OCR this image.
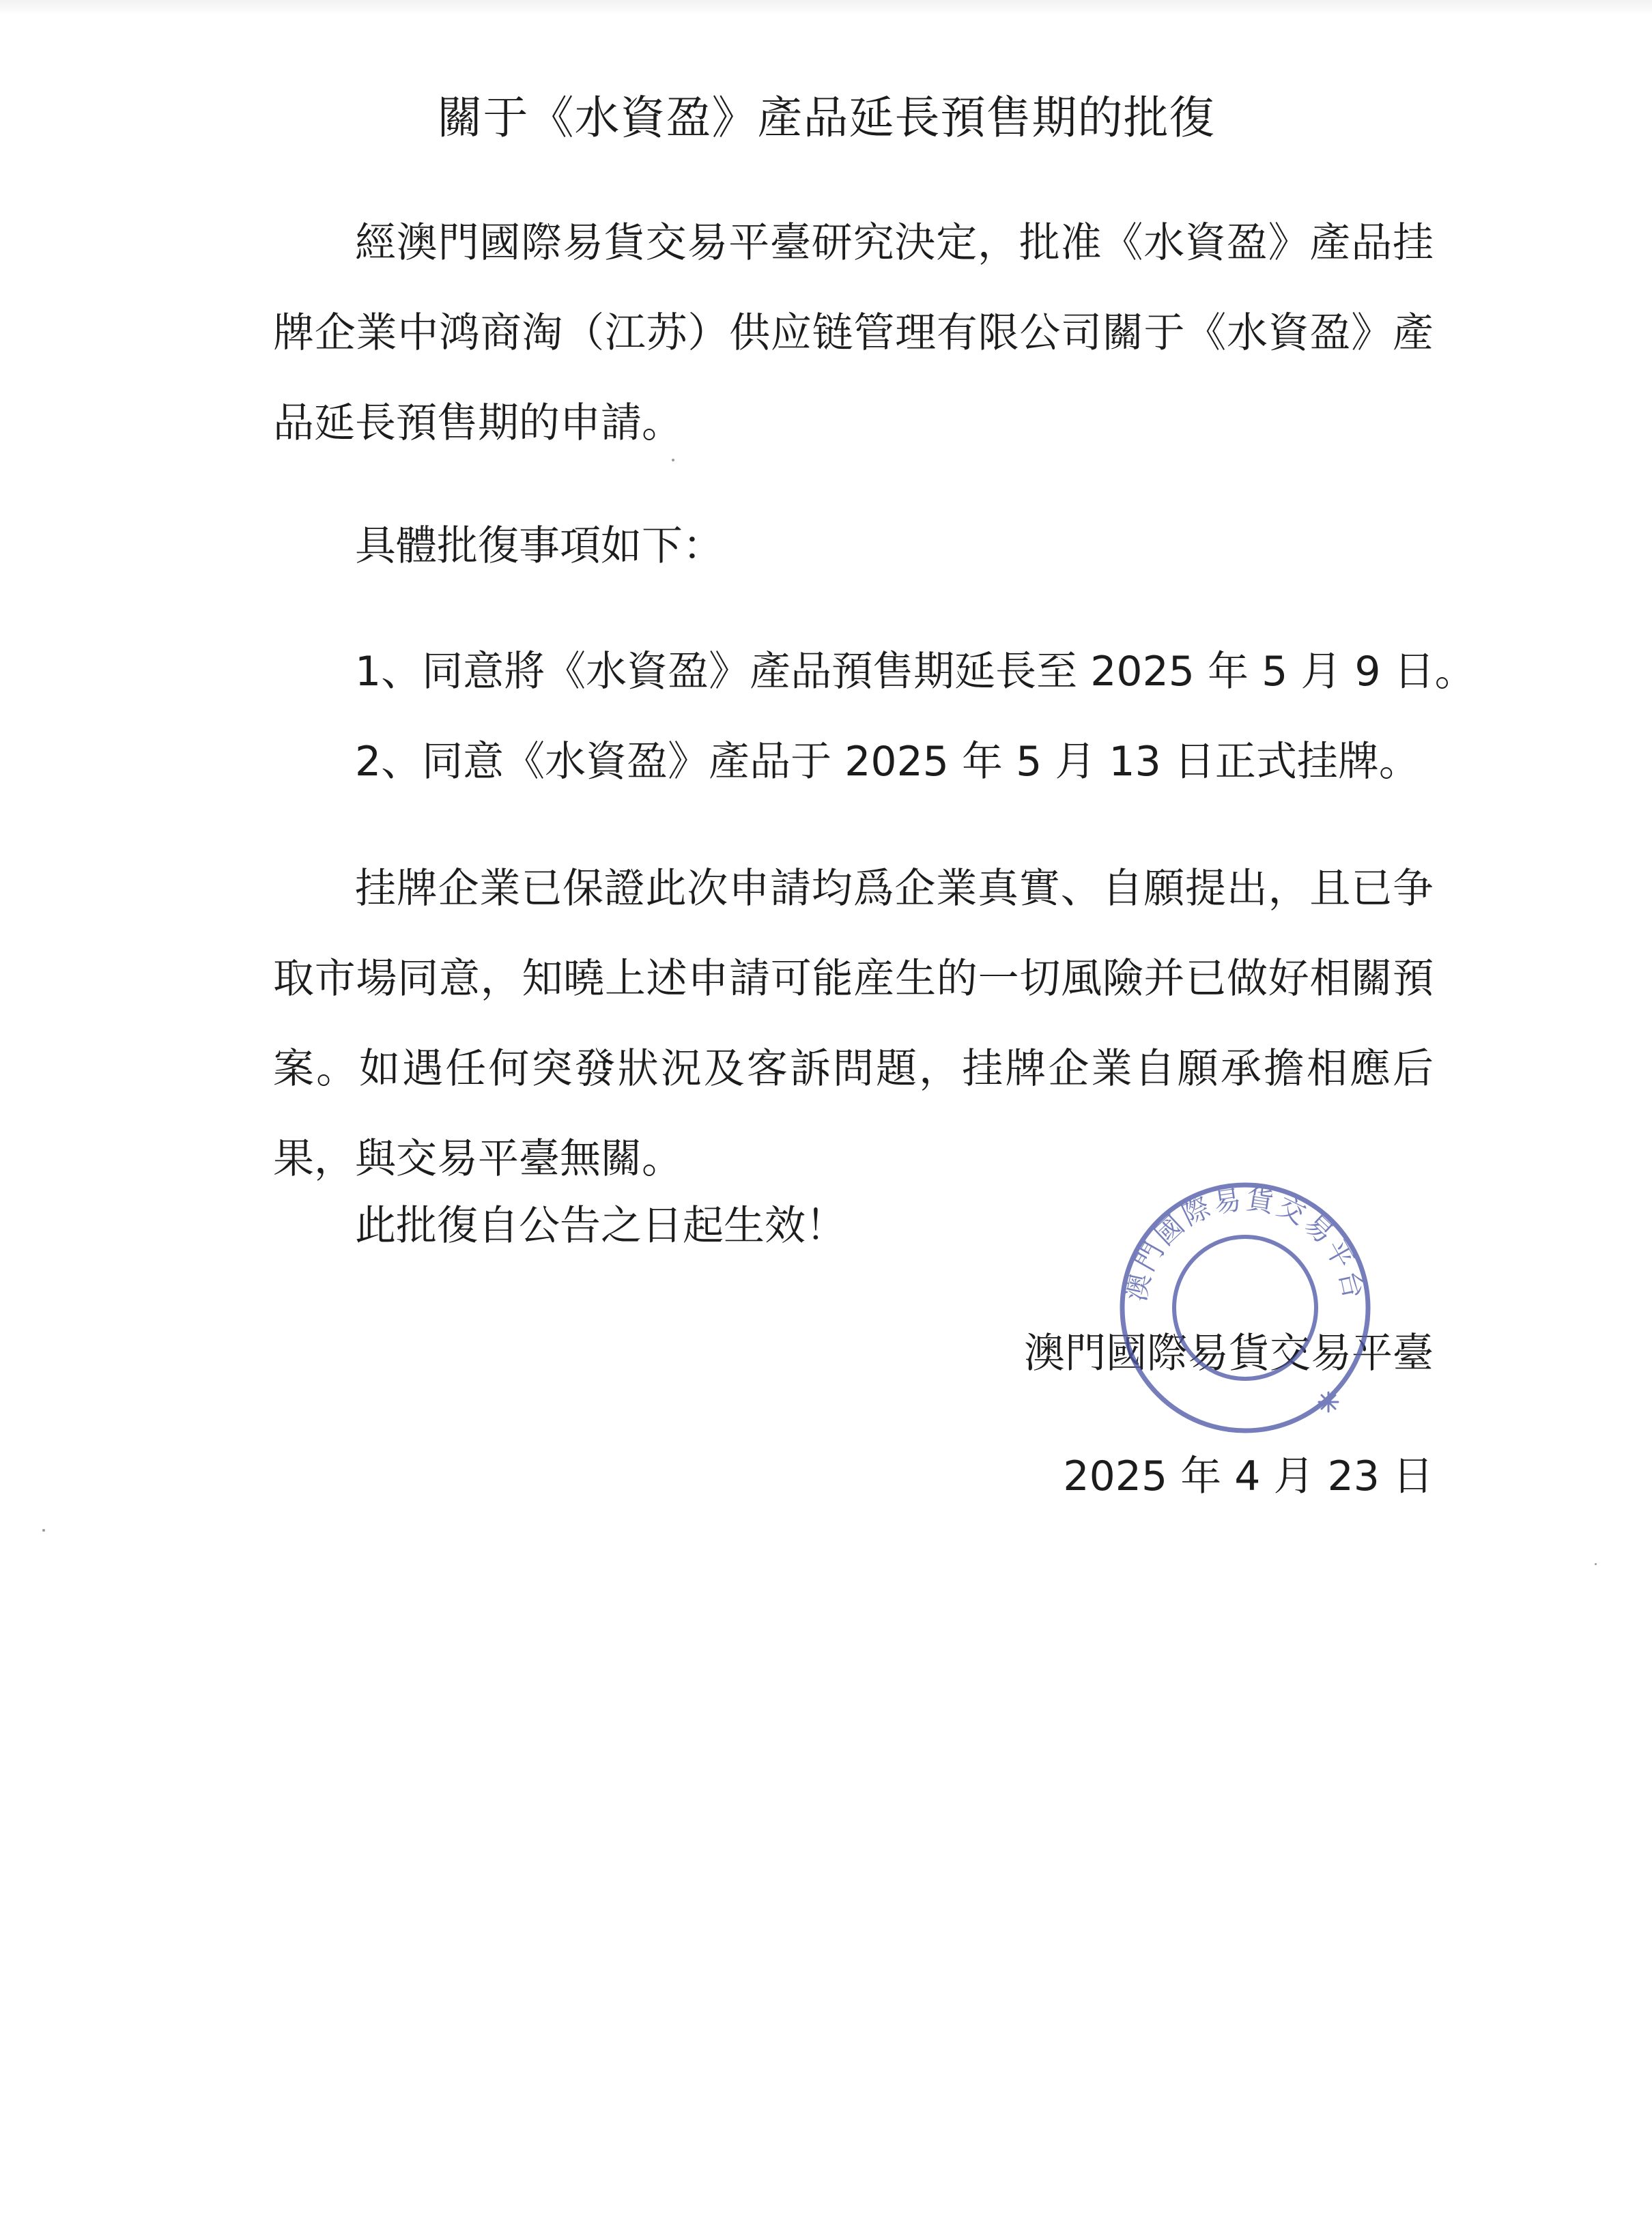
關于《水資盈》產品延長預售期的批復

經澳門國際易貨交易平臺研究決定，批准《水資盈》產品挂牌企業中鸿商淘（江苏）供应链管理有限公司關于《水資盈》產品延長預售期的申請。

具體批復事項如下：

1、同意將《水資盈》產品預售期延長至 2025 年 5 月 9 日。

2、同意《水資盈》產品于 2025 年 5 月 13 日正式挂牌。

挂牌企業已保證此次申請均爲企業真實、自願提出，且已争取市場同意，知曉上述申請可能産生的一切風險并已做好相關預案。如遇任何突發狀況及客訴問題，挂牌企業自願承擔相應后果，與交易平臺無關。

此批復自公告之日起生效！

澳門國際易貨交易平臺
2025 年 4 月 23 日
澳門國際易貨交易平台
